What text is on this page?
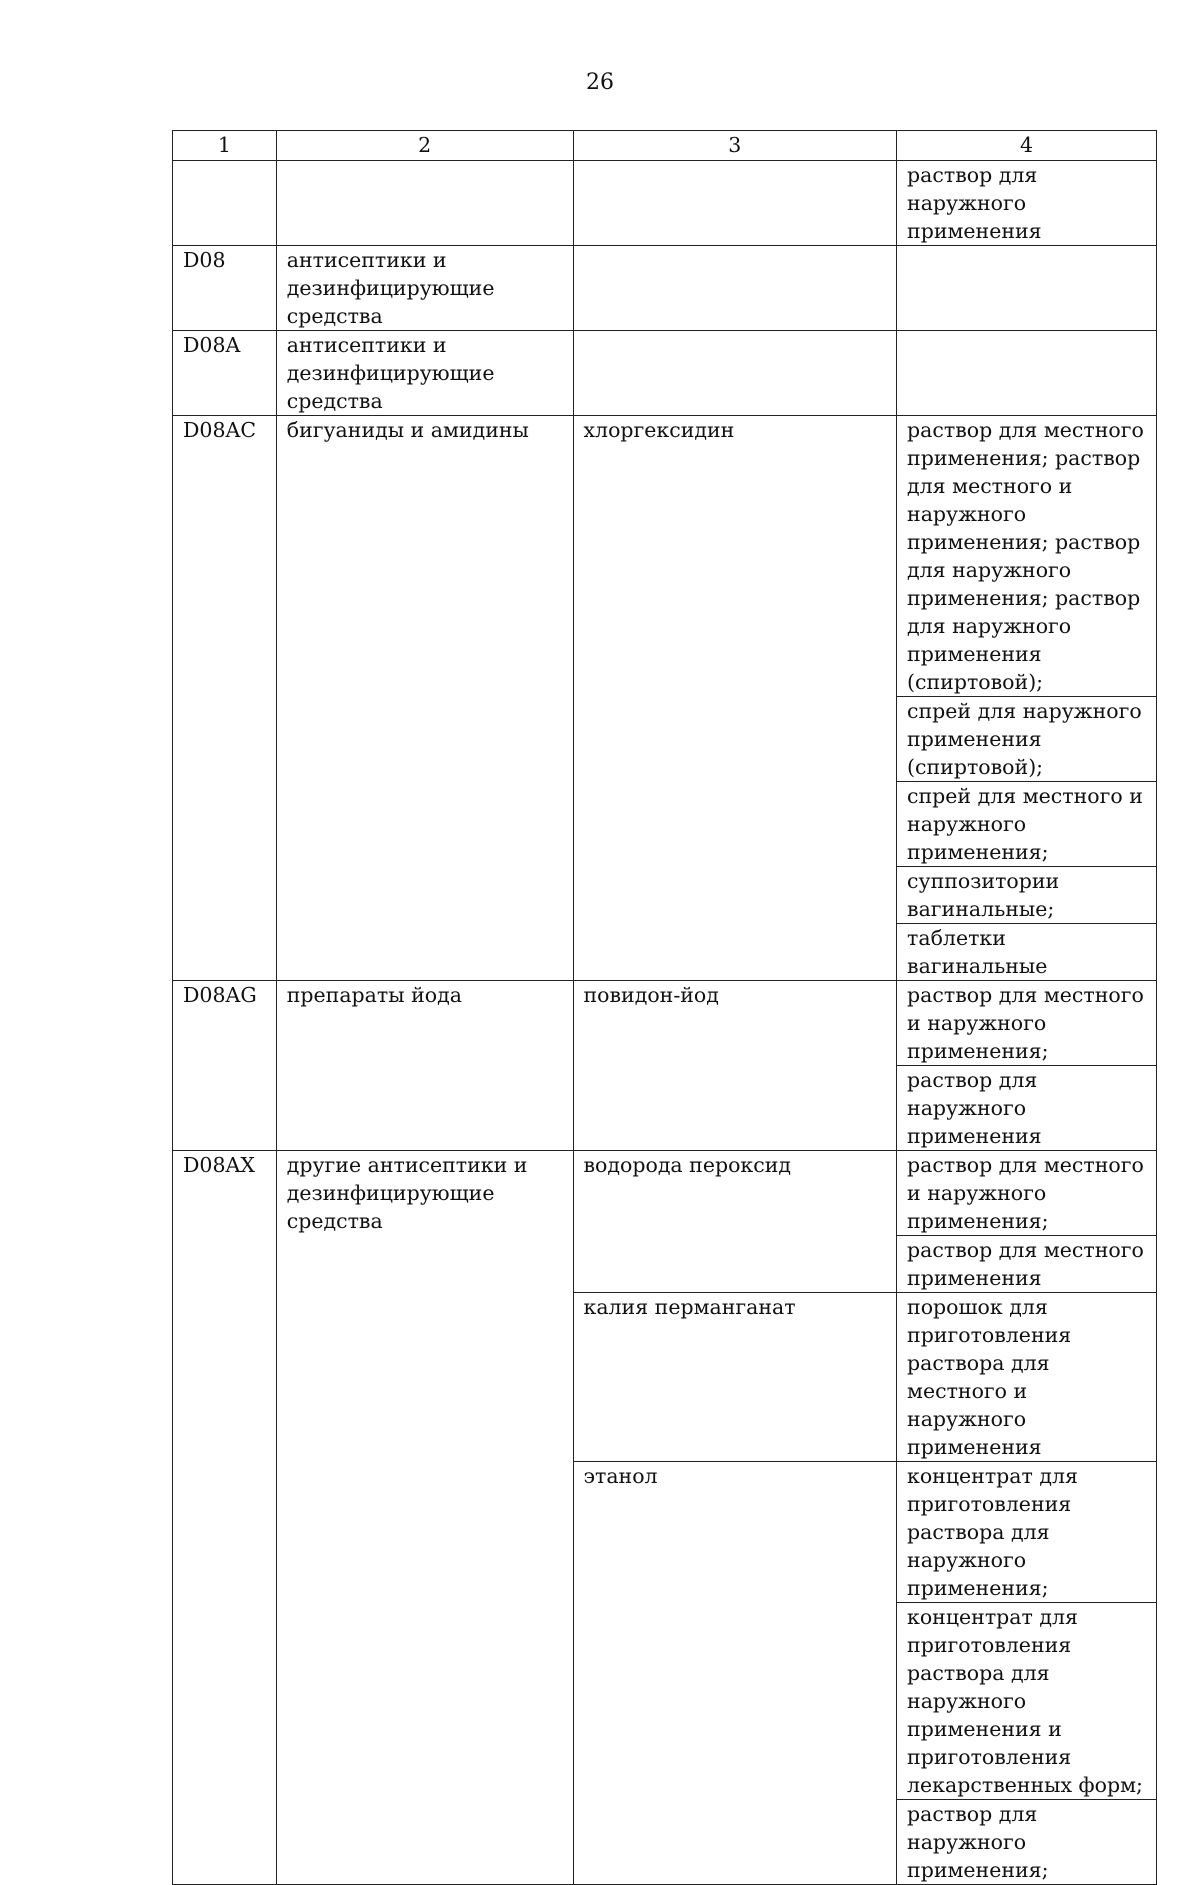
26
1	2	3	4
			раствор для наружного применения
D08	антисептики и дезинфицирующие средства		
D08A	антисептики и дезинфицирующие средства		
D08AC	бигуаниды и амидины	хлоргексидин	раствор для местного применения; раствор для местного и наружного применения; раствор для наружного применения; раствор для наружного применения (спиртовой);
			спрей для наружного применения (спиртовой);
			спрей для местного и наружного применения;
			суппозитории вагинальные;
			таблетки вагинальные
D08AG	препараты йода	повидон-йод	раствор для местного и наружного применения;
			раствор для наружного применения
D08AX	другие антисептики и дезинфицирующие средства	водорода пероксид	раствор для местного и наружного применения;
			раствор для местного применения
		калия перманганат	порошок для приготовления раствора для местного и наружного применения
		этанол	концентрат для приготовления раствора для наружного применения;
			концентрат для приготовления раствора для наружного применения и приготовления лекарственных форм;
			раствор для наружного применения;
